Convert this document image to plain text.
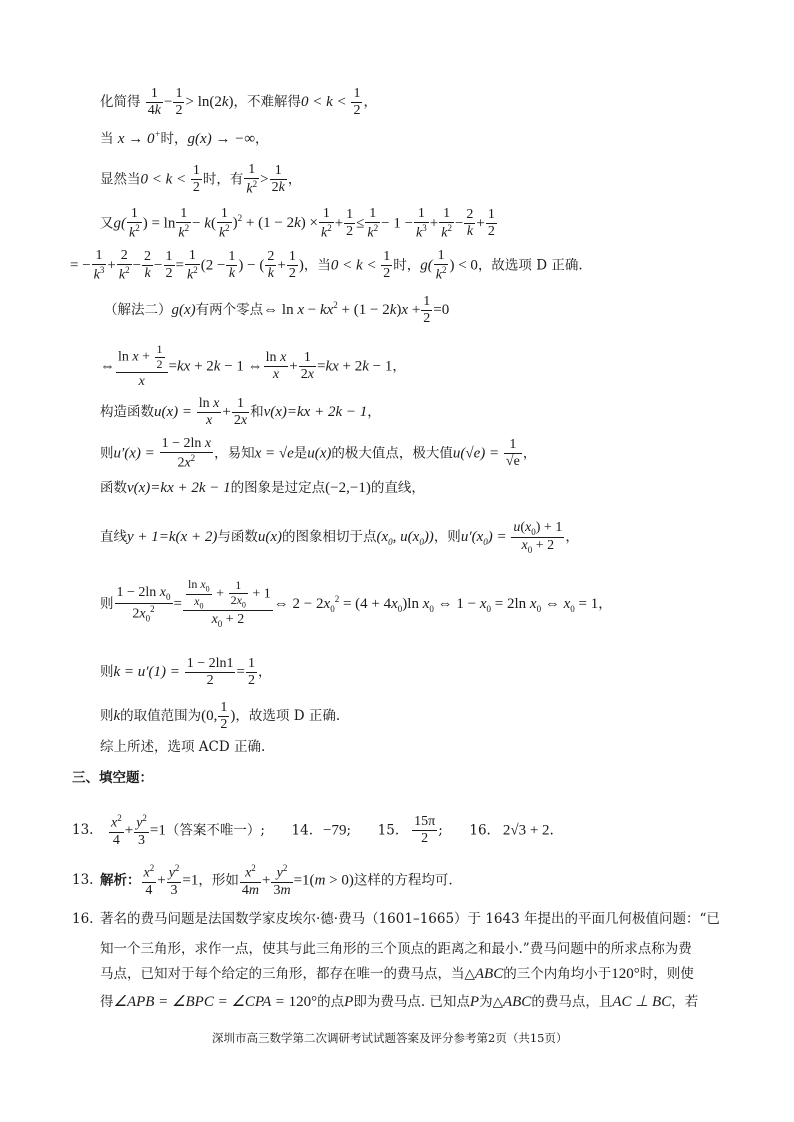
化简得 $\frac{1}{4k} - \frac{1}{2} > \ln(2k)$，不难解得$0 < k < \frac{1}{2}$ ，
当 x → 0+时，g(x) → −∞，
显然当$0 < k < \frac{1}{2}$ 时，有 $\frac{1}{k^2} > \frac{1}{2k}$ ，
又$g( \frac{1}{k^2}$ ) = $\ln \frac{1}{k^2} - k( \frac{1}{k^2} )^2 + (1 - 2k) \times \frac{1}{k^2} + \frac{1}{2} \le \frac{1}{k^2} - 1 - \frac{1}{k^3} + \frac{1}{k^2} - \frac{2}{k} + \frac{1}{2}$
= − $\frac{1}{k^3} + \frac{2}{k^2} - \frac{2}{k} - \frac{1}{2} = \frac{1}{k^2} (2 - \frac{1}{k}$ ) − ( $\frac{2}{k} + \frac{1}{2}$ )，当$0 < k < \frac{1}{2}$ 时，$g( \frac{1}{k^2}$ ) < 0，故选项 D 正确.
（解法二）g(x)有两个零点⇔ $\ln x - kx^2 + (1 - 2k)x + \frac{1}{2} =0$
⇔ $\frac{\ln x + \frac{1}{2}}{x} =kx + 2k - 1$ ⇔ $\frac{\text{ln x}}{x} + \frac{1}{2x} =kx + 2k - 1$，
构造函数$u(x) = \frac{\text{ln x}}{x} + \frac{1}{2x}$ 和v(x)=kx + 2k − 1，
则$u'(x) = \frac{\text{1 − 2ln x}}{2x^2}$ ，易知x = √e是u(x)的极大值点，极大值$u(√e) = \frac{1}{√e}$ ，
函数v(x)=kx + 2k − 1的图象是过定点(−2,−1)的直线，
直线y + 1=k(x + 2)与函数u(x)的图象相切于点($x_0$, $u(x_0)$)，则$u'(x_0) = \frac{u(x_0) + 1}{x_0 + 2}$ ，
则 $\frac{1 - 2\ln x_0}{2x_0^2} = \frac{\frac{\ln x_0}{x_0} + \frac{1}{2x_0} + 1}{x_0 + 2}$ ⇔ $2 - 2x_0^2 = (4 + 4x_0)\ln$ $x_0$ ⇔ $1 - x_0 = 2\ln$ $x_0$ ⇔ $x_0 = 1$，
则$k = u'(1) = \frac{1 - 2\ln 1}{2} = \frac{1}{2}$ ，
则k的取值范围为(0, $\frac{1}{2}$ )，故选项 D 正确.
综上所述，选项 ACD 正确.
三、填空题：
13. $\frac{x^2}{4} + \frac{y^2}{3} =1$（答案不唯一）; 14. −79; 15. $\frac{15\pi}{2}$ ; 16. 2√3 + 2.
13. 解析： $\frac{x^2}{4} + \frac{y^2}{3} =1$，形如 $\frac{x^2}{4m} + \frac{y^2}{3m} =1(m > 0)$这样的方程均可.
16. 著名的费马问题是法国数学家皮埃尔·德·费马（1601–1665）于 1643 年提出的平面几何极值问题：“已
知一个三角形，求作一点，使其与此三角形的三个顶点的距离之和最小.”费马问题中的所求点称为费
马点，已知对于每个给定的三角形，都存在唯一的费马点，当△ABC的三个内角均小于120°时，则使
得∠APB = ∠BPC = ∠CPA = 120°的点P即为费马点. 已知点P为△ABC的费马点，且AC ⊥ BC，若
深圳市高三数学第二次调研考试试题答案及评分参考第2页（共15页）
